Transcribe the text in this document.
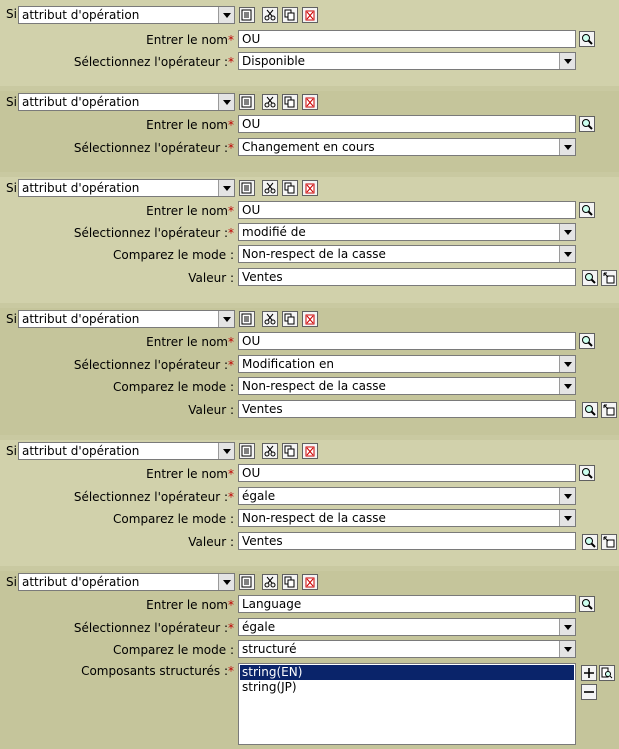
Si attribut d'opération
Entrer le nom* OU
Sélectionnez l'opérateur :* Disponible
Si attribut d'opération
Entrer le nom* OU
Sélectionnez l'opérateur :* Changement en cours
Si attribut d'opération
Entrer le nom* OU
Sélectionnez l'opérateur :* modifié de
Comparez le mode : Non-respect de la casse
Valeur : Ventes
Si attribut d'opération
Entrer le nom* OU
Sélectionnez l'opérateur :* Modification en
Comparez le mode : Non-respect de la casse
Valeur : Ventes
Si attribut d'opération
Entrer le nom* OU
Sélectionnez l'opérateur :* égale
Comparez le mode : Non-respect de la casse
Valeur : Ventes
Si attribut d'opération
Entrer le nom* Language
Sélectionnez l'opérateur :* égale
Comparez le mode : structuré
Composants structurés :* string(EN)
string(JP)
